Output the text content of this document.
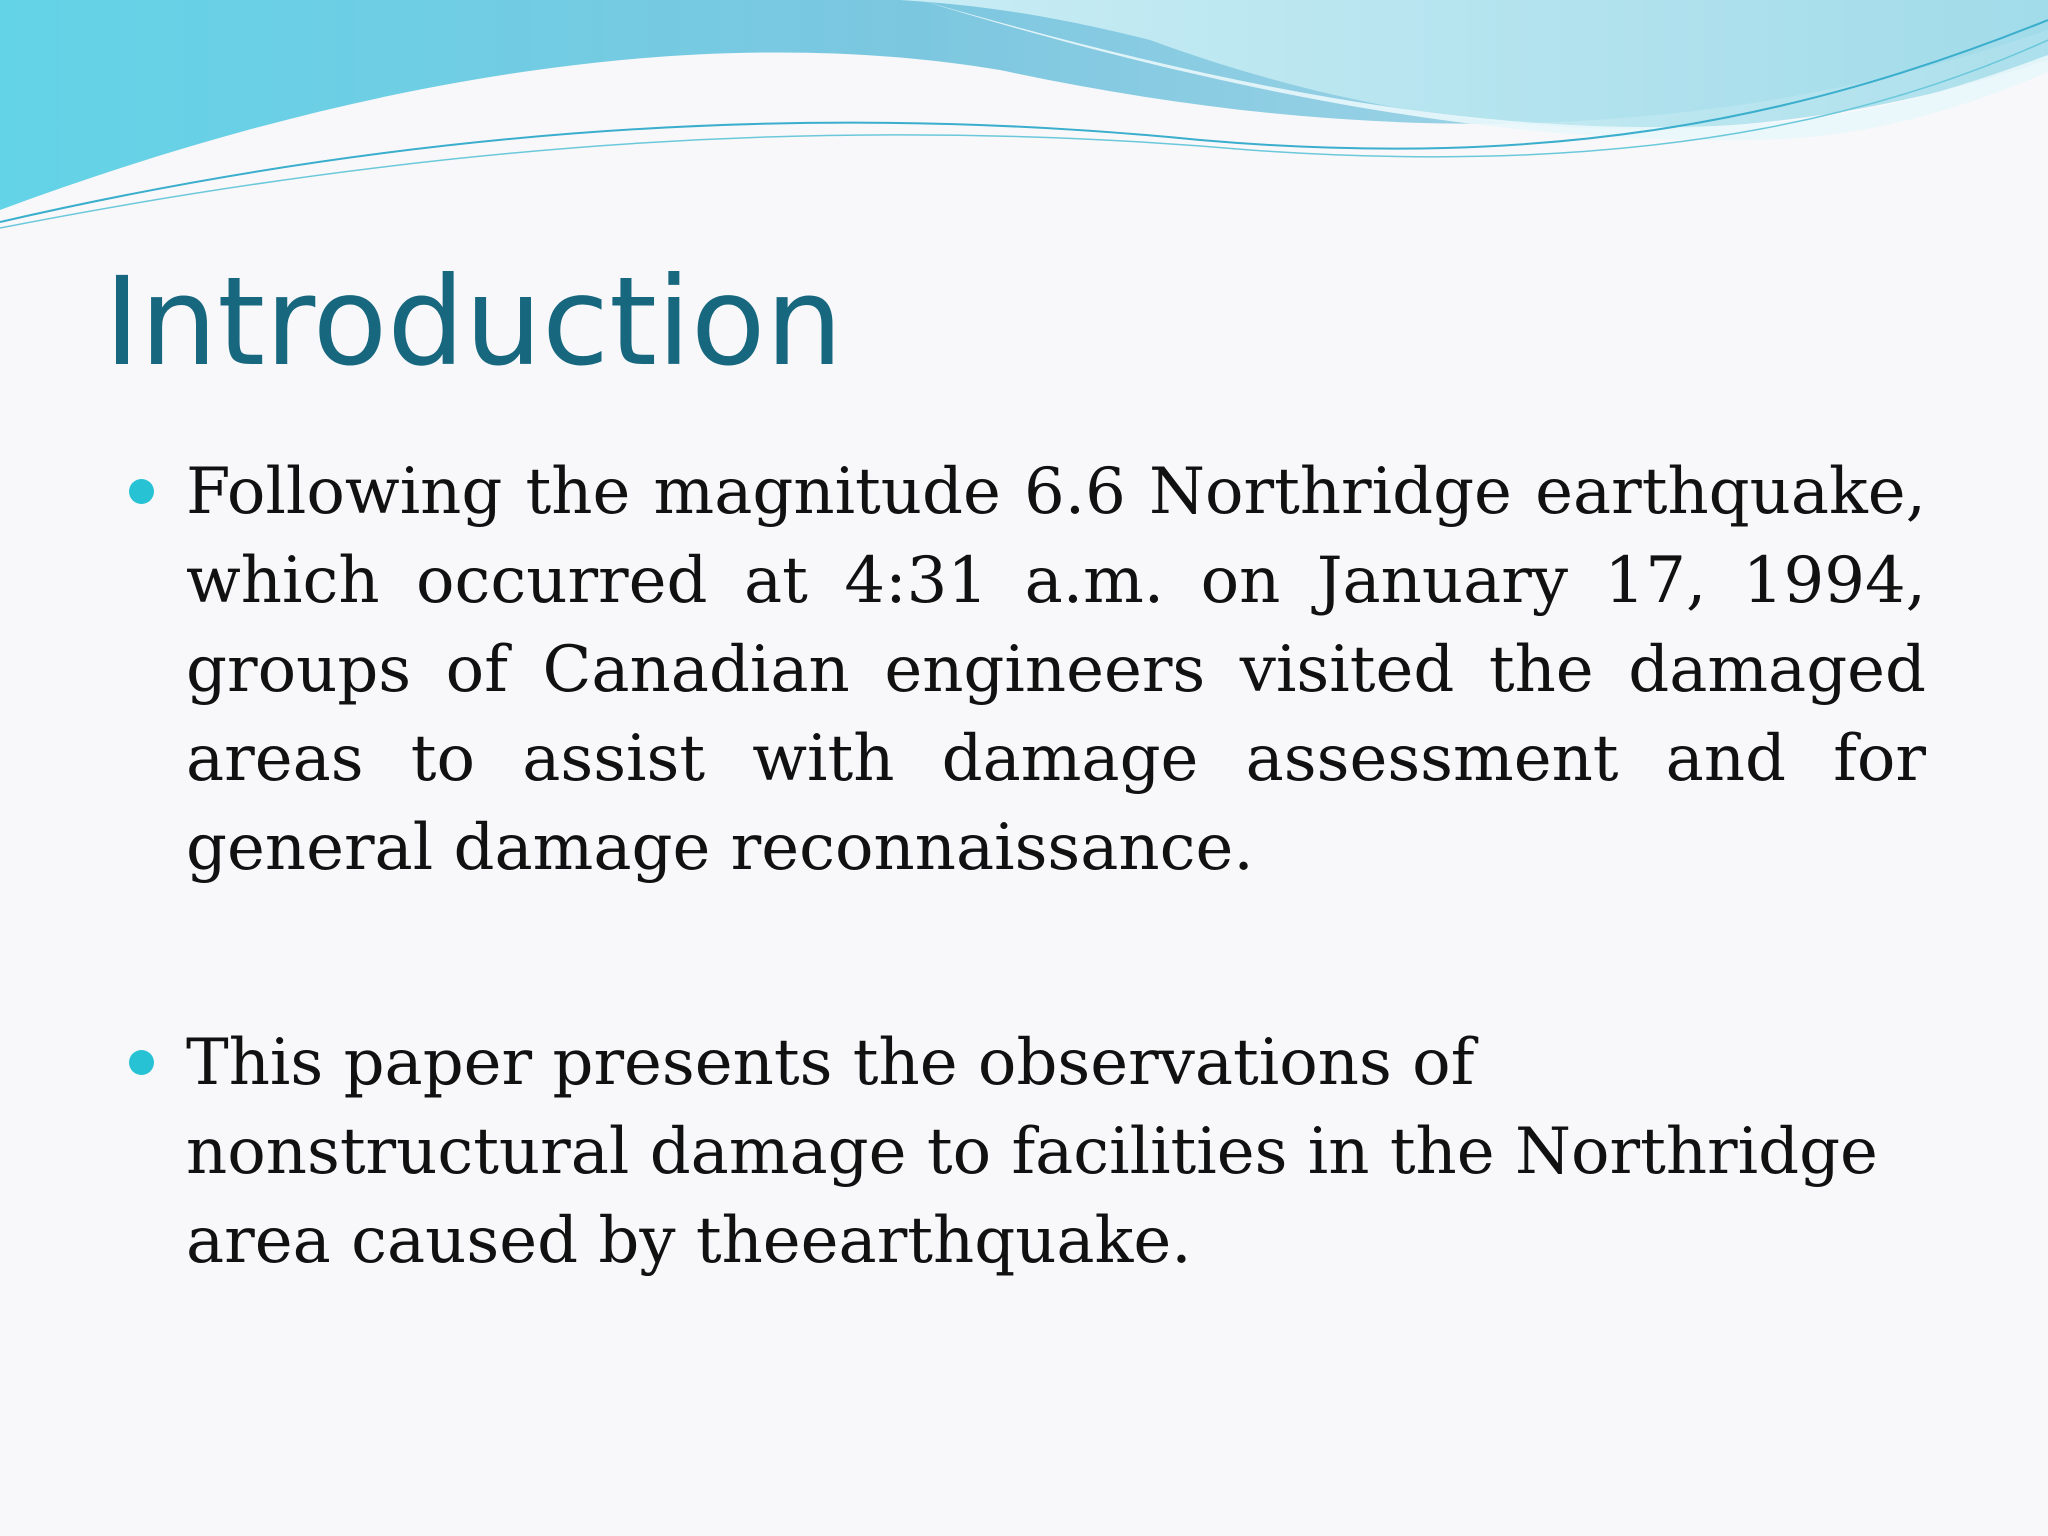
Introduction
Following the magnitude 6.6 Northridge earthquake, which occurred at 4:31 a.m. on January 17, 1994, groups of Canadian engineers visited the damaged areas to assist with damage assessment and for general damage reconnaissance.
This paper presents the observations of nonstructural damage to facilities in the Northridge area caused by theearthquake.
